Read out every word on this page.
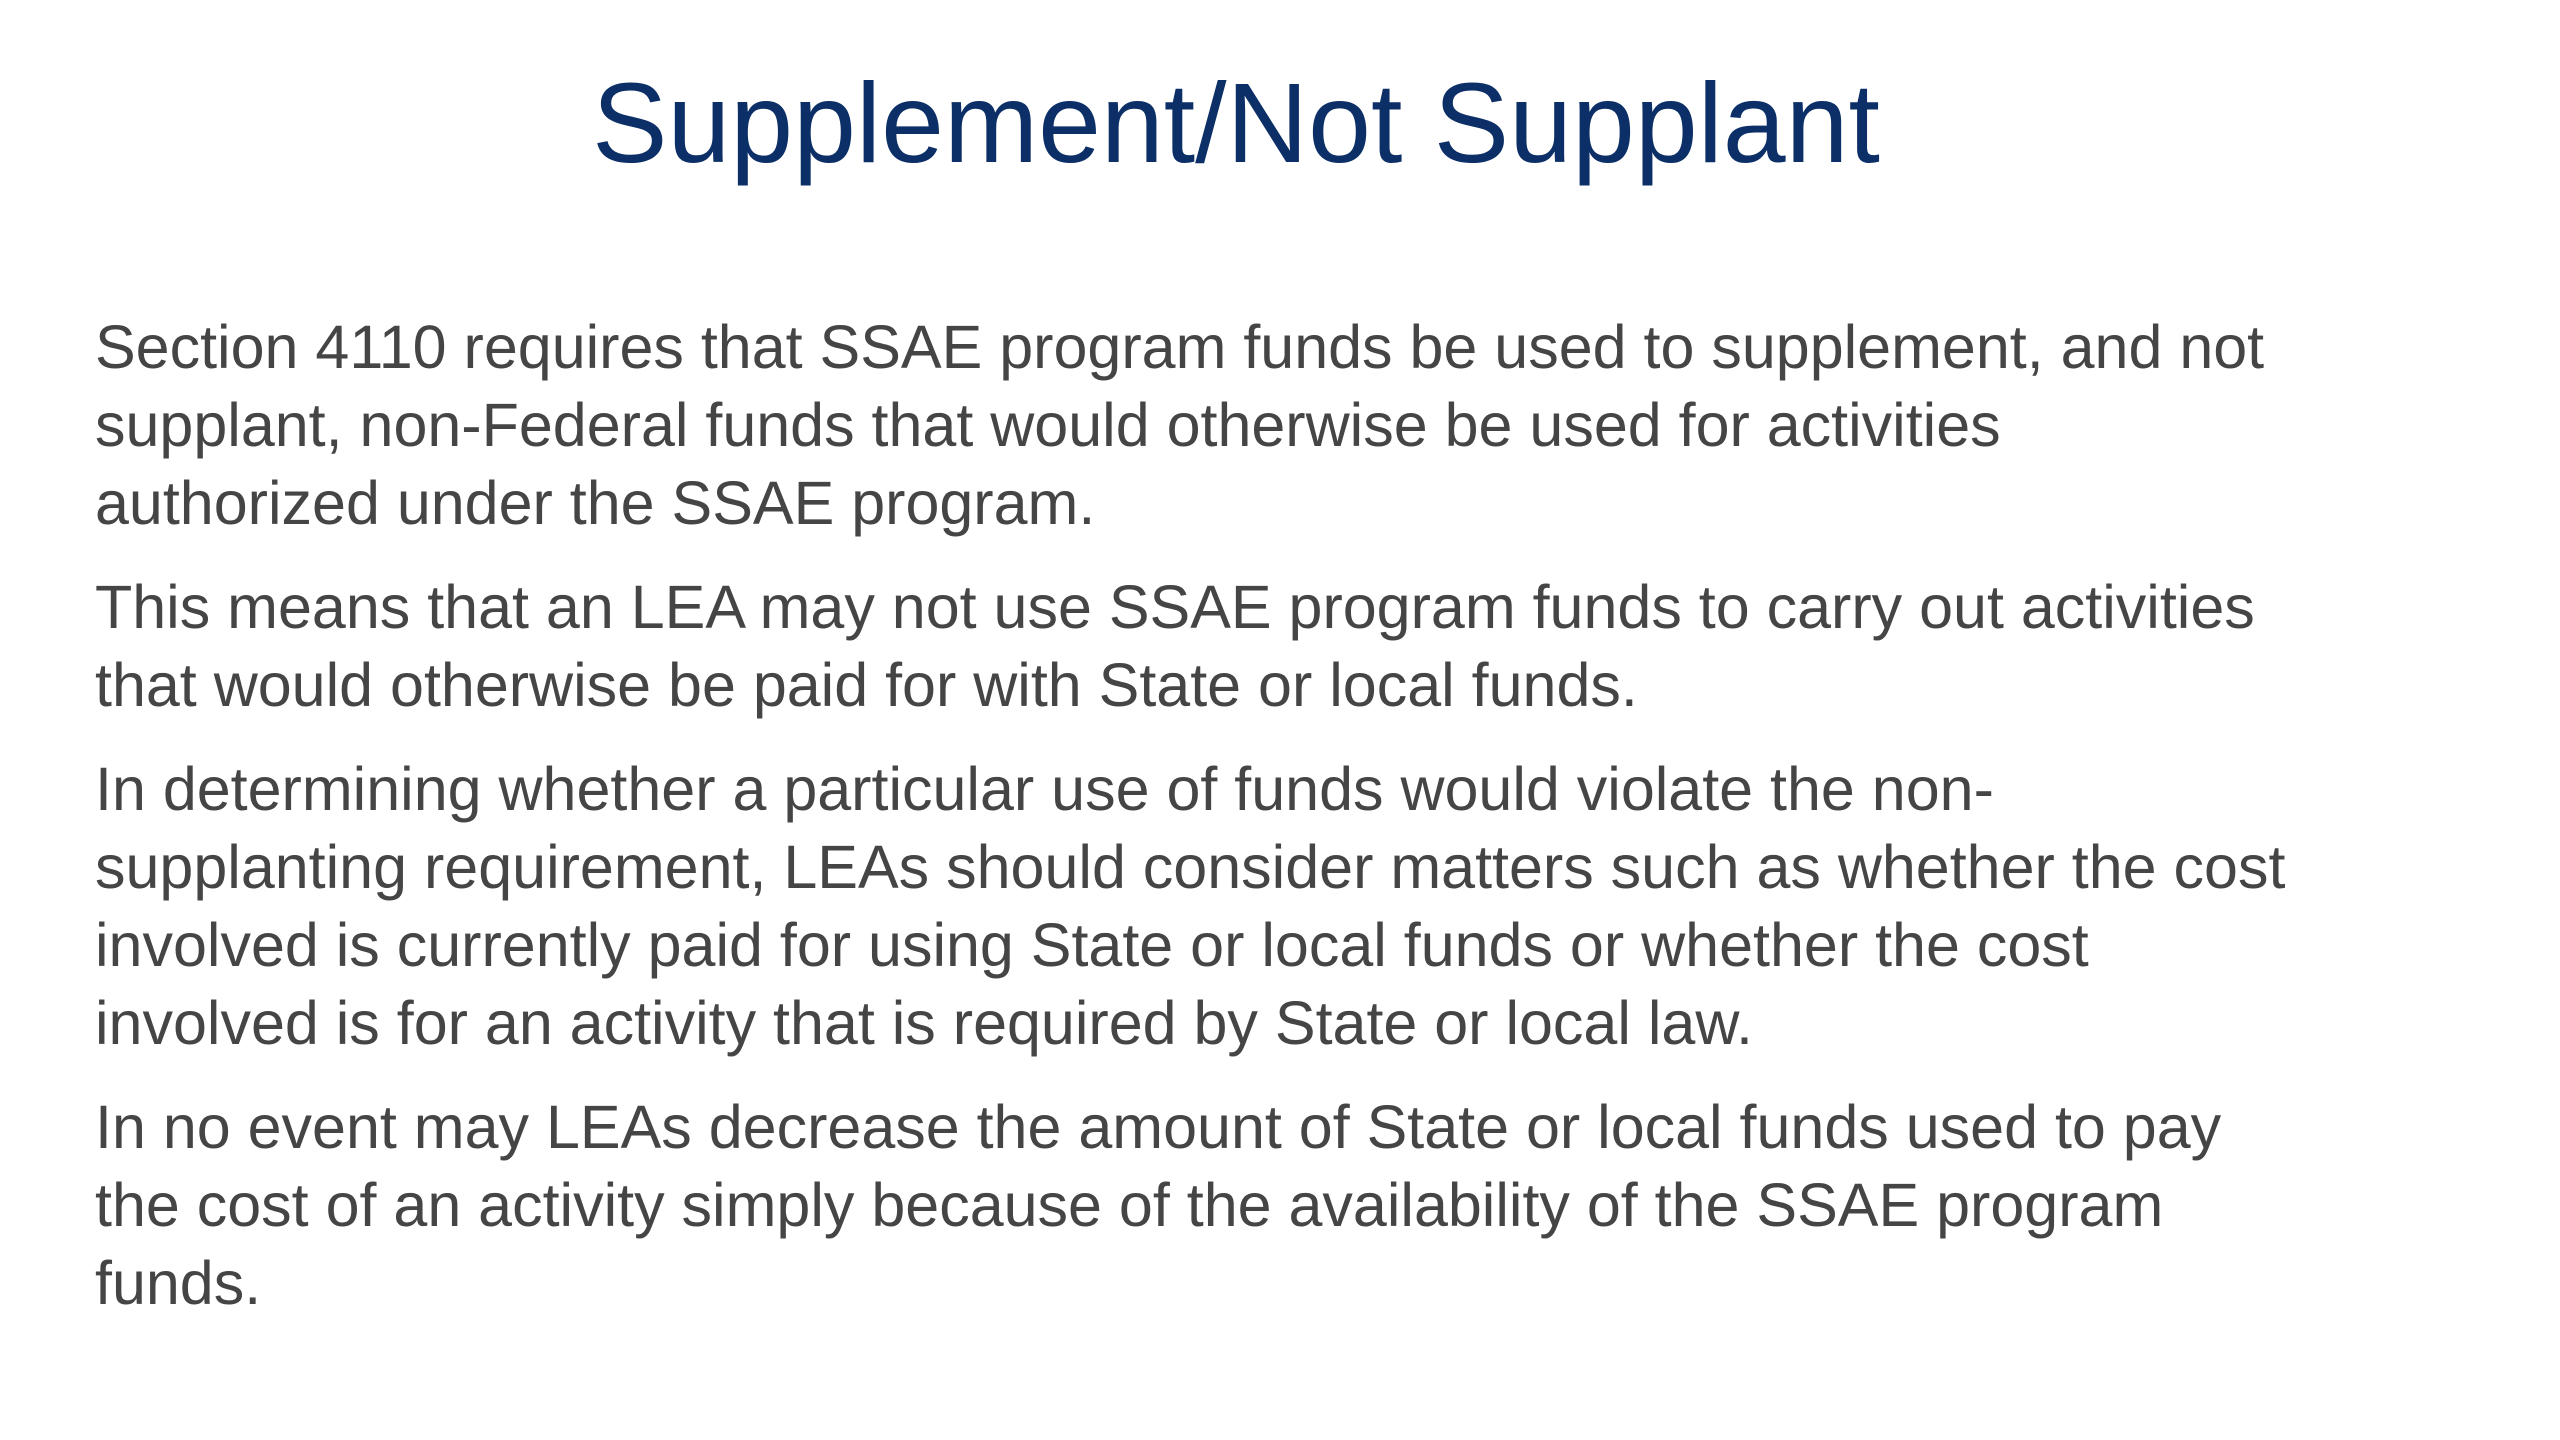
Supplement/Not Supplant

Section 4110 requires that SSAE program funds be used to supplement, and not
supplant, non-Federal funds that would otherwise be used for activities
authorized under the SSAE program.

This means that an LEA may not use SSAE program funds to carry out activities
that would otherwise be paid for with State or local funds.

In determining whether a particular use of funds would violate the non-
supplanting requirement, LEAs should consider matters such as whether the cost
involved is currently paid for using State or local funds or whether the cost
involved is for an activity that is required by State or local law.

In no event may LEAs decrease the amount of State or local funds used to pay
the cost of an activity simply because of the availability of the SSAE program
funds.
